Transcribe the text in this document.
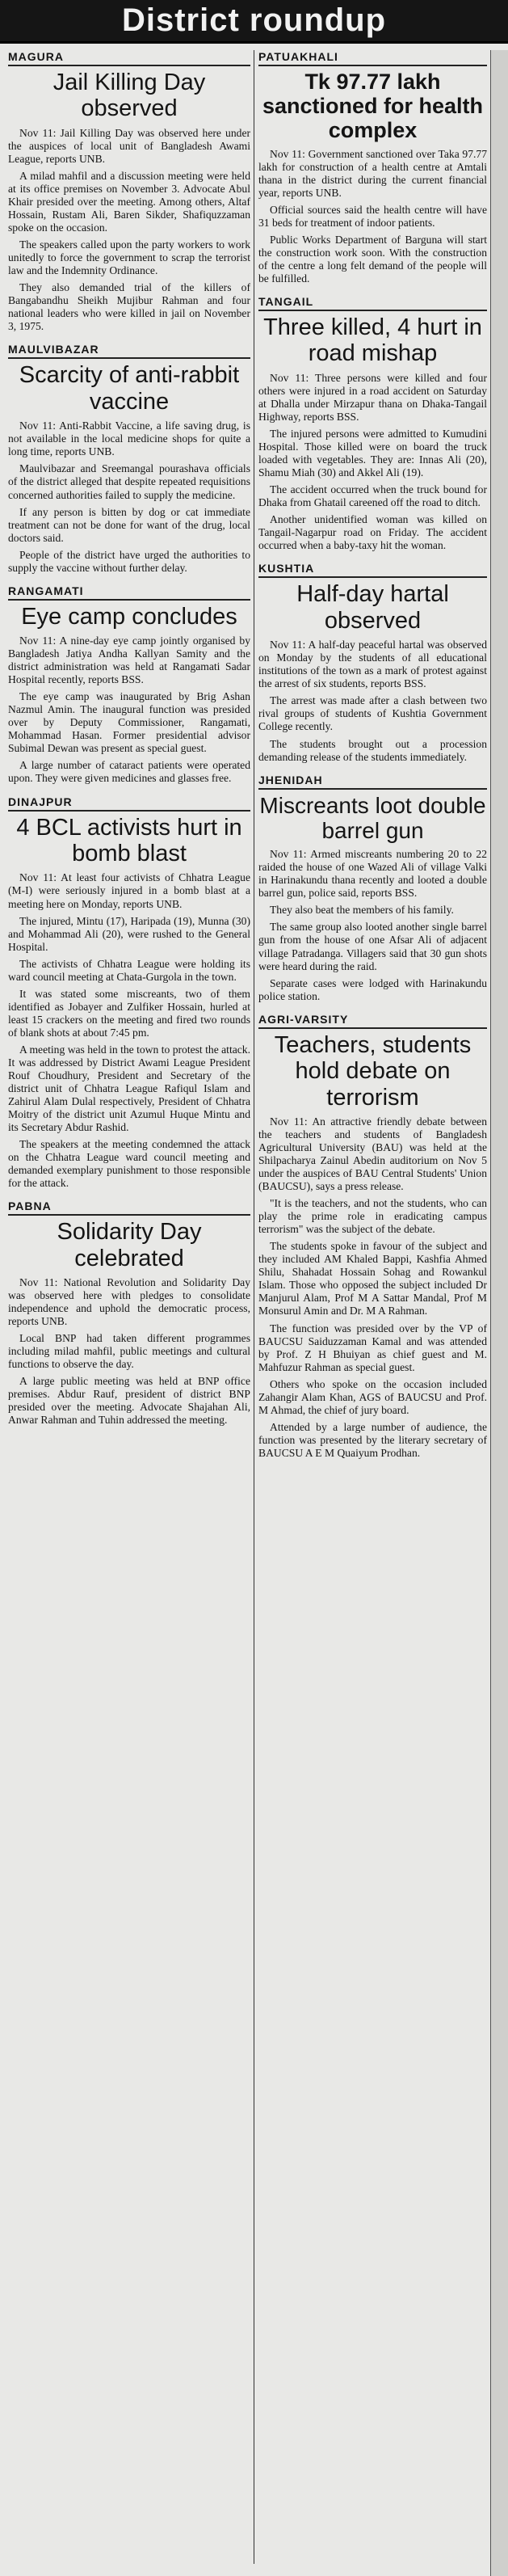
District roundup
MAGURA
Jail Killing Day observed

Nov 11: Jail Killing Day was observed here under the auspices of local unit of Bangladesh Awami League, reports UNB.

A milad mahfil and a discussion meeting were held at its office premises on November 3. Advocate Abul Khair presided over the meeting. Among others, Altaf Hossain, Rustam Ali, Baren Sikder, Shafiquzzaman spoke on the occasion.

The speakers called upon the party workers to work unitedly to force the government to scrap the terrorist law and the Indemnity Ordinance.

They also demanded trial of the killers of Bangabandhu Sheikh Mujibur Rahman and four national leaders who were killed in jail on November 3, 1975.

MAULVIBAZAR
Scarcity of anti-rabbit vaccine

Nov 11: Anti-Rabbit Vaccine, a life saving drug, is not available in the local medicine shops for quite a long time, reports UNB.

Maulvibazar and Sreemangal pourashava officials of the district alleged that despite repeated requisitions concerned authorities failed to supply the medicine.

If any person is bitten by dog or cat immediate treatment can not be done for want of the drug, local doctors said.

People of the district have urged the authorities to supply the vaccine without further delay.

RANGAMATI
Eye camp concludes

Nov 11: A nine-day eye camp jointly organised by Bangladesh Jatiya Andha Kallyan Samity and the district administration was held at Rangamati Sadar Hospital recently, reports BSS.

The eye camp was inaugurated by Brig Ashan Nazmul Amin. The inaugural function was presided over by Deputy Commissioner, Rangamati, Mohammad Hasan. Former presidential advisor Subimal Dewan was present as special guest.

A large number of cataract patients were operated upon. They were given medicines and glasses free.

DINAJPUR
4 BCL activists hurt in bomb blast

Nov 11: At least four activists of Chhatra League (M-I) were seriously injured in a bomb blast at a meeting here on Monday, reports UNB.

The injured, Mintu (17), Haripada (19), Munna (30) and Mohammad Ali (20), were rushed to the General Hospital.

The activists of Chhatra League were holding its ward council meeting at Chata-Gurgola in the town.

It was stated some miscreants, two of them identified as Jobayer and Zulfiker Hossain, hurled at least 15 crackers on the meeting and fired two rounds of blank shots at about 7:45 pm.

A meeting was held in the town to protest the attack. It was addressed by District Awami League President Rouf Choudhury, President and Secretary of the district unit of Chhatra League Rafiqul Islam and Zahirul Alam Dulal respectively, President of Chhatra Moitry of the district unit Azumul Huque Mintu and its Secretary Abdur Rashid.

The speakers at the meeting condemned the attack on the Chhatra League ward council meeting and demanded exemplary punishment to those responsible for the attack.

PABNA
Solidarity Day celebrated

Nov 11: National Revolution and Solidarity Day was observed here with pledges to consolidate independence and uphold the democratic process, reports UNB.

Local BNP had taken different programmes including milad mahfil, public meetings and cultural functions to observe the day.

A large public meeting was held at BNP office premises. Abdur Rauf, president of district BNP presided over the meeting. Advocate Shajahan Ali, Anwar Rahman and Tuhin addressed the meeting.

PATUAKHALI
Tk 97.77 lakh sanctioned for health complex

Nov 11: Government sanctioned over Taka 97.77 lakh for construction of a health centre at Amtali thana in the district during the current financial year, reports UNB.

Official sources said the health centre will have 31 beds for treatment of indoor patients.

Public Works Department of Barguna will start the construction work soon. With the construction of the centre a long felt demand of the people will be fulfilled.

TANGAIL
Three killed, 4 hurt in road mishap

Nov 11: Three persons were killed and four others were injured in a road accident on Saturday at Dhalla under Mirzapur thana on Dhaka-Tangail Highway, reports BSS.

The injured persons were admitted to Kumudini Hospital. Those killed were on board the truck loaded with vegetables. They are: Innas Ali (20), Shamu Miah (30) and Akkel Ali (19).

The accident occurred when the truck bound for Dhaka from Ghatail careened off the road to ditch.

Another unidentified woman was killed on Tangail-Nagarpur road on Friday. The accident occurred when a baby-taxy hit the woman.

KUSHTIA
Half-day hartal observed

Nov 11: A half-day peaceful hartal was observed on Monday by the students of all educational institutions of the town as a mark of protest against the arrest of six students, reports BSS.

The arrest was made after a clash between two rival groups of students of Kushtia Government College recently.

The students brought out a procession demanding release of the students immediately.

JHENIDAH
Miscreants loot double barrel gun

Nov 11: Armed miscreants numbering 20 to 22 raided the house of one Wazed Ali of village Valki in Harinakundu thana recently and looted a double barrel gun, police said, reports BSS.

They also beat the members of his family.

The same group also looted another single barrel gun from the house of one Afsar Ali of adjacent village Patradanga. Villagers said that 30 gun shots were heard during the raid.

Separate cases were lodged with Harinakundu police station.

AGRI-VARSITY
Teachers, students hold debate on terrorism

Nov 11: An attractive friendly debate between the teachers and students of Bangladesh Agricultural University (BAU) was held at the Shilpacharya Zainul Abedin auditorium on Nov 5 under the auspices of BAU Central Students' Union (BAUCSU), says a press release.

"It is the teachers, and not the students, who can play the prime role in eradicating campus terrorism" was the subject of the debate.

The students spoke in favour of the subject and they included AM Khaled Bappi, Kashfia Ahmed Shilu, Shahadat Hossain Sohag and Rowankul Islam. Those who opposed the subject included Dr Manjurul Alam, Prof M A Sattar Mandal, Prof M Monsurul Amin and Dr. M A Rahman.

The function was presided over by the VP of BAUCSU Saiduzzaman Kamal and was attended by Prof. Z H Bhuiyan as chief guest and M. Mahfuzur Rahman as special guest.

Others who spoke on the occasion included Zahangir Alam Khan, AGS of BAUCSU and Prof. M Ahmad, the chief of jury board.

Attended by a large number of audience, the function was presented by the literary secretary of BAUCSU A E M Quaiyum Prodhan.
